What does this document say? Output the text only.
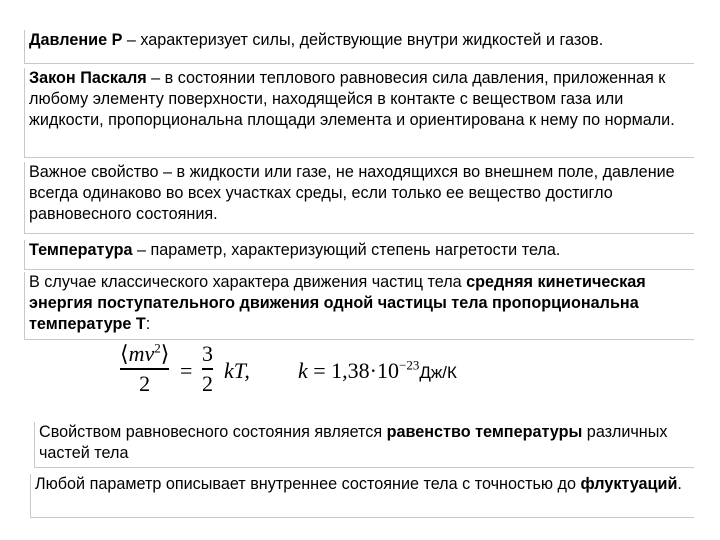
Давление Р – характеризует силы, действующие внутри жидкостей и газов.
Закон Паскаля – в состоянии теплового равновесия сила давления, приложенная к любому элементу поверхности, находящейся в контакте с веществом газа или жидкости, пропорциональна площади элемента и ориентирована к нему по нормали.
Важное свойство – в жидкости или газе, не находящихся во внешнем поле, давление всегда одинаково во всех участках среды, если только ее вещество достигло равновесного состояния.
Температура – параметр, характеризующий степень нагретости тела.
В случае классического характера движения частиц тела средняя кинетическая энергия поступательного движения одной частицы тела пропорциональна температуре Т:
$⟨mv^2⟩$
2 =
3
2 kT, $k = 1,38\cdot 10^{-23}Дж/К$
Свойством равновесного состояния является равенство температуры различных частей тела
Любой параметр описывает внутреннее состояние тела с точностью до флуктуаций.
